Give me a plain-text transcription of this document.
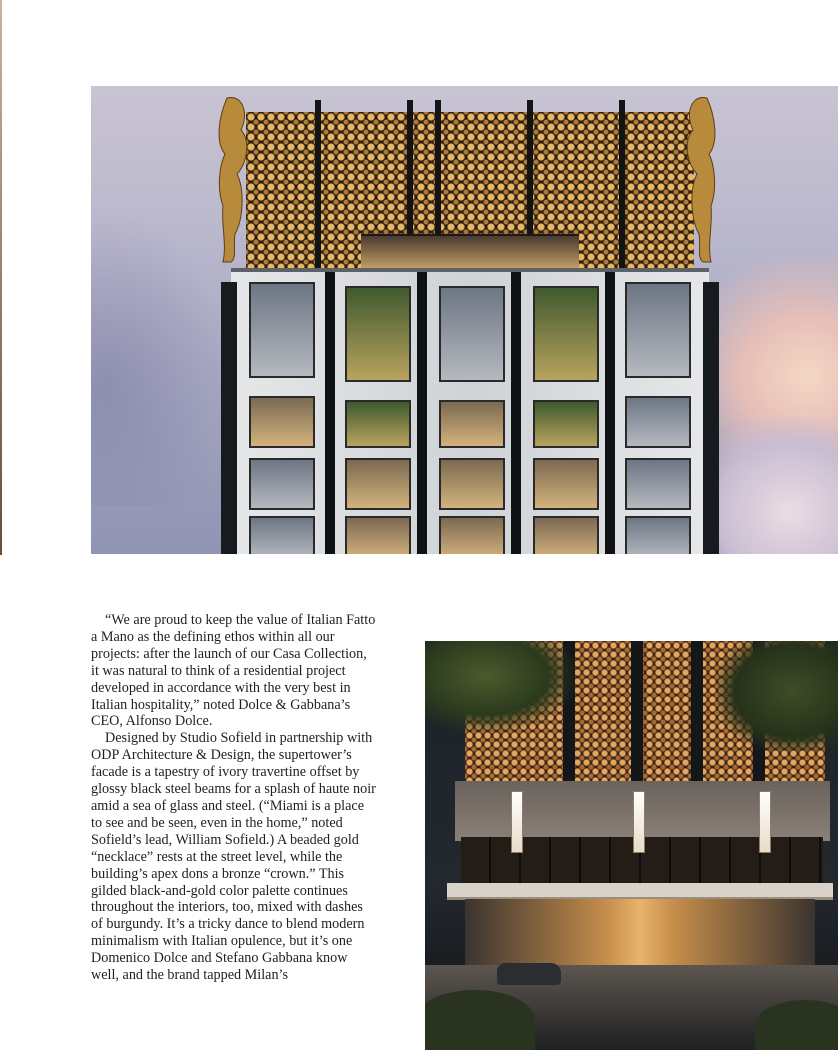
“We are proud to keep the value of Italian Fatto a Mano as the defining ethos within all our projects: after the launch of our Casa Collection, it was natural to think of a residential project developed in accordance with the very best in Italian hospitality,” noted Dolce & Gabbana’s CEO, Alfonso Dolce.

Designed by Studio Sofield in partnership with ODP Architecture & Design, the supertower’s facade is a tapestry of ivory travertine offset by glossy black steel beams for a splash of haute noir amid a sea of glass and steel. (“Miami is a place to see and be seen, even in the home,” noted Sofield’s lead, William Sofield.) A beaded gold “necklace” rests at the street level, while the building’s apex dons a bronze “crown.” This gilded black-and-gold color palette continues throughout the interiors, too, mixed with dashes of burgundy. It’s a tricky dance to blend modern minimalism with Italian opulence, but it’s one Domenico Dolce and Stefano Gabbana know well, and the brand tapped Milan’s
